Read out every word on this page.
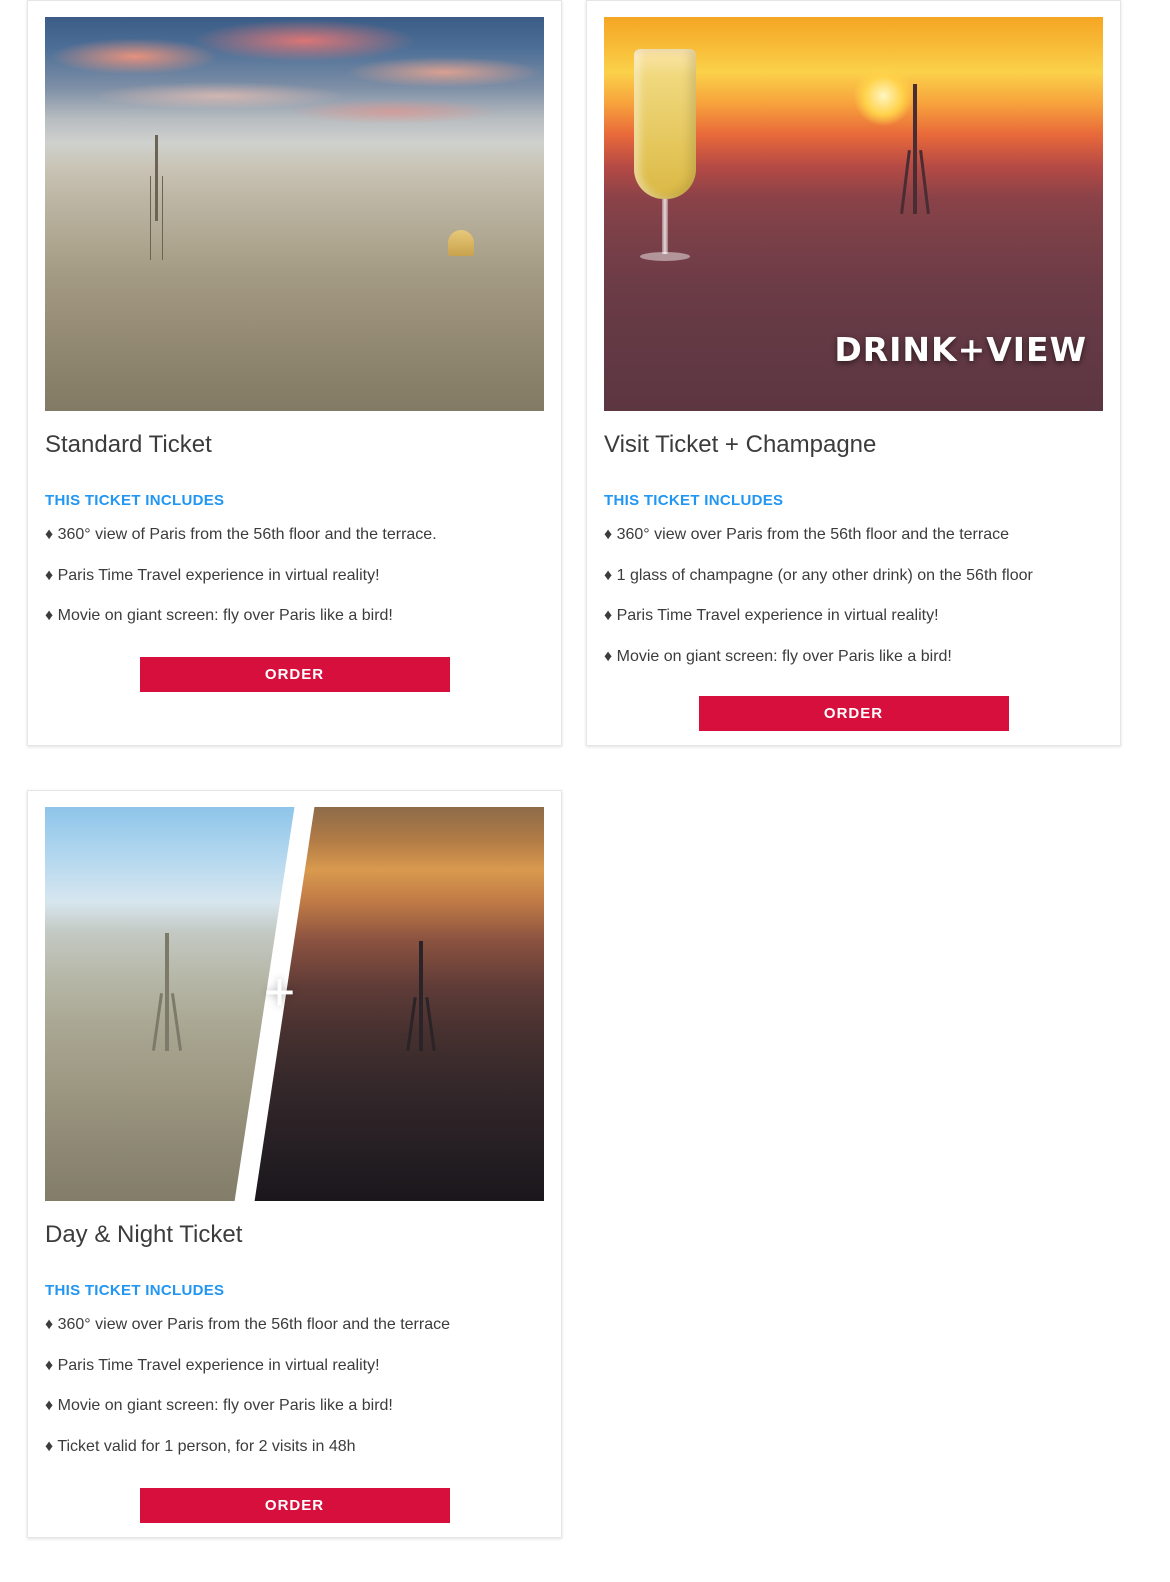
Standard Ticket
THIS TICKET INCLUDES
♦ 360° view of Paris from the 56th floor and the terrace.
♦ Paris Time Travel experience in virtual reality!
♦ Movie on giant screen: fly over Paris like a bird!
ORDER
DRINK+VIEW
Visit Ticket + Champagne
THIS TICKET INCLUDES
♦ 360° view over Paris from the 56th floor and the terrace
♦ 1 glass of champagne (or any other drink) on the 56th floor
♦ Paris Time Travel experience in virtual reality!
♦ Movie on giant screen: fly over Paris like a bird!
ORDER
+
Day & Night Ticket
THIS TICKET INCLUDES
♦ 360° view over Paris from the 56th floor and the terrace
♦ Paris Time Travel experience in virtual reality!
♦ Movie on giant screen: fly over Paris like a bird!
♦ Ticket valid for 1 person, for 2 visits in 48h
ORDER
